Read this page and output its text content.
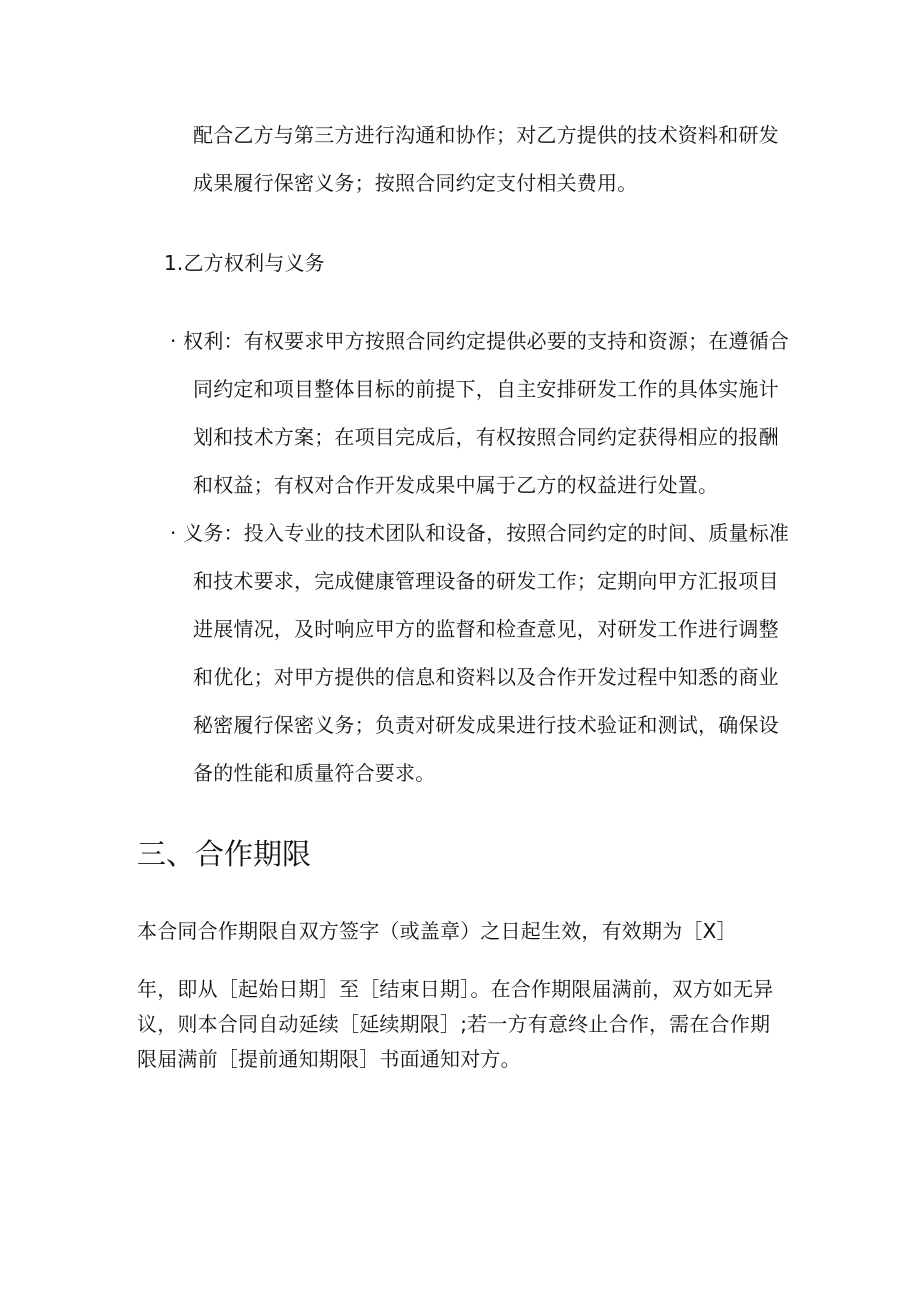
配合乙方与第三方进行沟通和协作；对乙方提供的技术资料和研发
成果履行保密义务；按照合同约定支付相关费用。
1.乙方权利与义务
· 权利：有权要求甲方按照合同约定提供必要的支持和资源；在遵循合
同约定和项目整体目标的前提下，自主安排研发工作的具体实施计
划和技术方案；在项目完成后，有权按照合同约定获得相应的报酬
和权益；有权对合作开发成果中属于乙方的权益进行处置。
· 义务：投入专业的技术团队和设备，按照合同约定的时间、质量标准
和技术要求，完成健康管理设备的研发工作；定期向甲方汇报项目
进展情况，及时响应甲方的监督和检查意见，对研发工作进行调整
和优化；对甲方提供的信息和资料以及合作开发过程中知悉的商业
秘密履行保密义务；负责对研发成果进行技术验证和测试，确保设
备的性能和质量符合要求。
三、合作期限
本合同合作期限自双方签字（或盖章）之日起生效，有效期为［X］
年，即从［起始日期］至［结束日期］。在合作期限届满前，双方如无异
议，则本合同自动延续［延续期限］;若一方有意终止合作，需在合作期
限届满前［提前通知期限］书面通知对方。
